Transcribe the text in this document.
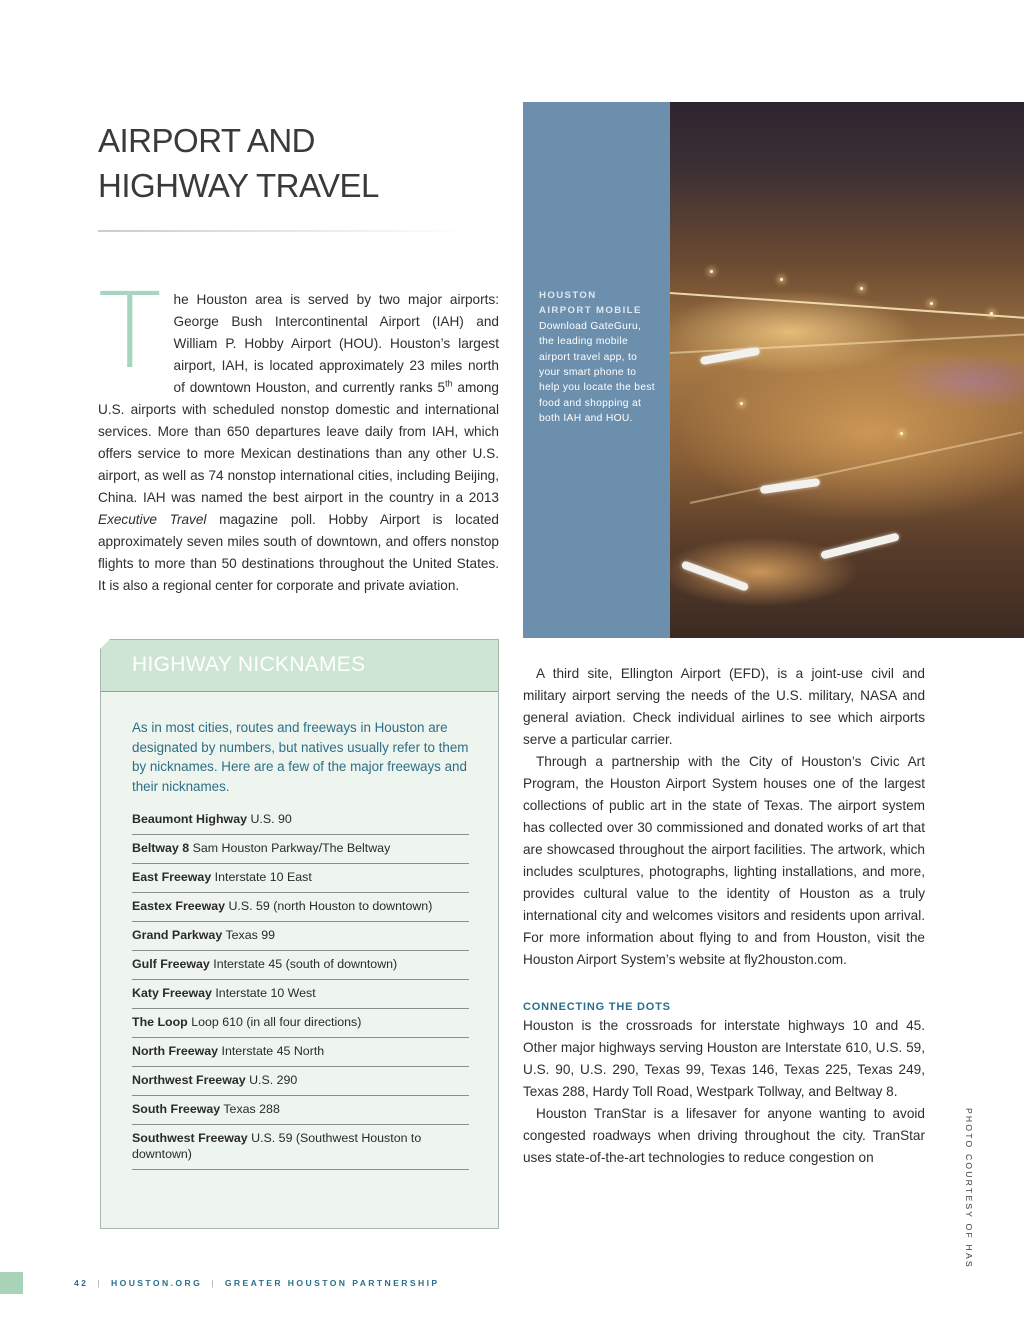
AIRPORT AND
HIGHWAY TRAVEL
The Houston area is served by two major airports: George Bush Intercontinental Airport (IAH) and William P. Hobby Airport (HOU). Houston’s largest airport, IAH, is located approximately 23 miles north of downtown Houston, and currently ranks 5th among U.S. airports with scheduled nonstop domestic and international services. More than 650 departures leave daily from IAH, which offers service to more Mexican destinations than any other U.S. airport, as well as 74 nonstop international cities, including Beijing, China. IAH was named the best airport in the country in a 2013 Executive Travel magazine poll. Hobby Airport is located approximately seven miles south of downtown, and offers nonstop flights to more than 50 destinations throughout the United States. It is also a regional center for corporate and private aviation.
HOUSTON
AIRPORT MOBILE
Download GateGuru, the leading mobile airport travel app, to your smart phone to help you locate the best food and shopping at both IAH and HOU.
PHOTO COURTESY OF HAS
HIGHWAY NICKNAMES
As in most cities, routes and freeways in Houston are designated by numbers, but natives usually refer to them by nicknames. Here are a few of the major freeways and their nicknames.
Beaumont Highway U.S. 90
Beltway 8 Sam Houston Parkway/The Beltway
East Freeway Interstate 10 East
Eastex Freeway U.S. 59 (north Houston to downtown)
Grand Parkway Texas 99
Gulf Freeway Interstate 45 (south of downtown)
Katy Freeway Interstate 10 West
The Loop Loop 610 (in all four directions)
North Freeway Interstate 45 North
Northwest Freeway U.S. 290
South Freeway Texas 288
Southwest Freeway U.S. 59 (Southwest Houston to downtown)

A third site, Ellington Airport (EFD), is a joint-use civil and military airport serving the needs of the U.S. military, NASA and general aviation. Check individual airlines to see which airports serve a particular carrier.

Through a partnership with the City of Houston’s Civic Art Program, the Houston Airport System houses one of the largest collections of public art in the state of Texas. The airport system has collected over 30 commissioned and donated works of art that are showcased throughout the airport facilities. The artwork, which includes sculptures, photographs, lighting installations, and more, provides cultural value to the identity of Houston as a truly international city and welcomes visitors and residents upon arrival. For more information about flying to and from Houston, visit the Houston Airport System’s website at fly2houston.com.

CONNECTING THE DOTS

Houston is the crossroads for interstate highways 10 and 45. Other major highways serving Houston are Interstate 610, U.S. 59, U.S. 90, U.S. 290, Texas 99, Texas 146, Texas 225, Texas 249, Texas 288, Hardy Toll Road, Westpark Tollway, and Beltway 8.

Houston TranStar is a lifesaver for anyone wanting to avoid congested roadways when driving throughout the city. TranStar uses state-of-the-art technologies to reduce congestion on

42 | HOUSTON.ORG | GREATER HOUSTON PARTNERSHIP
